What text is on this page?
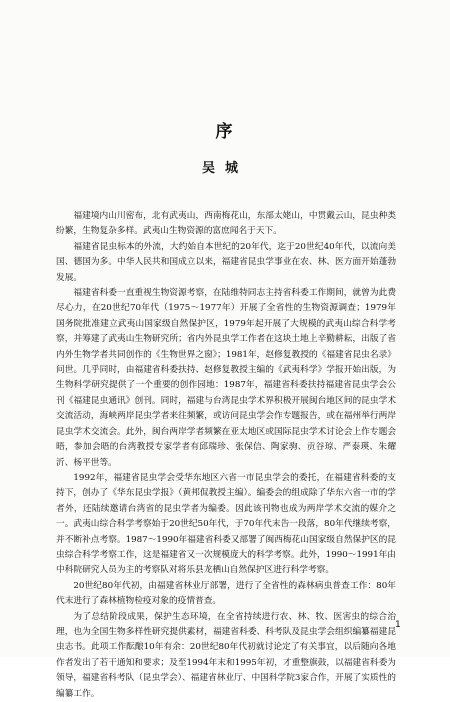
序
吴城

福建境内山川密布，北有武夷山，西南梅花山，东部太姥山，中贯戴云山，昆虫种类纷繁，生物复杂多样。武夷山生物资源的富庶闻名于天下。

福建省昆虫标本的外流，大约始自本世纪的20年代，迄于20世纪40年代，以流向美国、德国为多。中华人民共和国成立以来，福建省昆虫学事业在农、林、医方面开始蓬勃发展。

福建省科委一直重视生物资源考察，在陆维特同志主持省科委工作期间，就曾为此费尽心力，在20世纪70年代（1975～1977年）开展了全省性的生物资源调查；1979年国务院批准建立武夷山国家级自然保护区，1979年起开展了大规模的武夷山综合科学考察，并筹建了武夷山生物研究所；省内外昆虫学工作者在这块土地上辛勤耕耘，出版了省内外生物学者共同创作的《生物世界之窗》；1981年，赵修复教授的《福建省昆虫名录》问世。几乎同时，由福建省科委扶持、赵修复教授主编的《武夷科学》学报开始出版，为生物科学研究提供了一个重要的创作园地：1987年，福建省科委扶持福建省昆虫学会公刊《福建昆虫通讯》创刊。同时，福建与台湾昆虫学术界积极开展闽台地区间的昆虫学术交流活动，海峡两岸昆虫学者来往频繁，或访问昆虫学会作专题报告，或在福州举行两岸昆虫学术交流会。此外，闽台两岸学者频繁在亚太地区或国际昆虫学术讨论会上作专题会晤，参加会晤的台湾教授专家学者有邱瑞珍、张保信、陶家驹、贡谷琼、严泰瑛、朱耀沂、杨平世等。

1992年，福建省昆虫学会受华东地区六省一市昆虫学会的委托，在福建省科委的支持下，创办了《华东昆虫学报》（黄邦侃教授主编）。编委会的组成除了华东六省一市的学者外，还陆续邀请台湾省的昆虫学者为编委。因此该刊物也成为两岸学术交流的媒介之一。武夷山综合科学考察始于20世纪50年代，于70年代末告一段落，80年代继续考察，并不断补点考察。1987～1990年福建省科委又部署了闽西梅花山国家级自然保护区的昆虫综合科学考察工作，这是福建省又一次规模庞大的科学考察。此外，1990～1991年由中科院研究人员为主的考察队对将乐县龙栖山自然保护区进行科学考察。

20世纪80年代初，由福建省林业厅部署，进行了全省性的森林病虫普查工作：80年代末进行了森林植物检疫对象的疫情普查。

为了总结阶段成果，保护生态环境，在全省持续进行农、林、牧、医害虫的综合治理，也为全国生物多样性研究提供素材，福建省科委、科考队及昆虫学会组织编纂福建昆虫志书。此项工作酝酿10年有余：20世纪80年代初就讨论定了有关事宜，以后随向各地作者发出了若干通知和要求；及至1994年末和1995年初，才重整旗鼓，以福建省科委为领导，福建省科考队（昆虫学会）、福建省林业厅、中国科学院3家合作，开展了实质性的编纂工作。

1
